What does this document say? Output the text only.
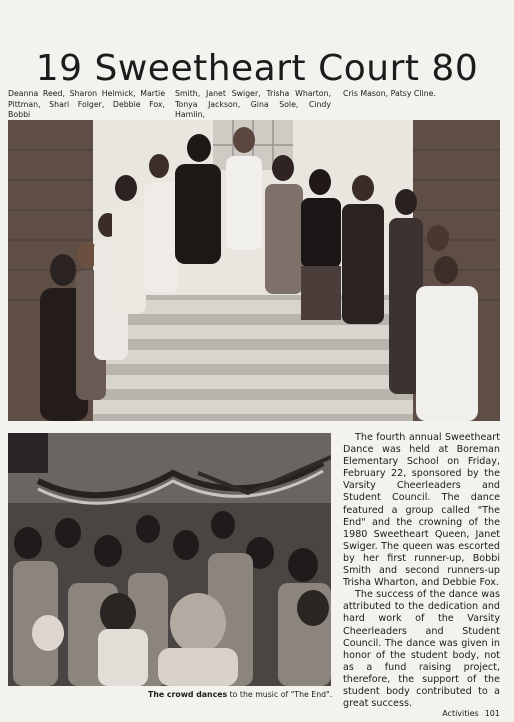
19 Sweetheart Court 80
Deanna Reed, Sharon Helmick, Martie Pittman, Shari Folger, Debbie Fox, Bobbi
Smith, Janet Swiger, Trisha Wharton, Tonya Jackson, Gina Sole, Cindy Hamlin,
Cris Mason, Patsy Cline.
The crowd dances to the music of "The End".

The fourth annual Sweetheart Dance was held at Boreman Elementary School on Friday, February 22, sponsored by the Varsity Cheerleaders and Student Council. The dance featured a group called "The End" and the crowning of the 1980 Sweetheart Queen, Janet Swiger. The queen was escorted by her first runner-up, Bobbi Smith and second runners-up Trisha Wharton, and Debbie Fox.

The success of the dance was attributed to the dedication and hard work of the Varsity Cheerleaders and Student Council. The dance was given in honor of the student body, not as a fund raising project, therefore, the support of the student body contributed to a great success.

Activities 101
